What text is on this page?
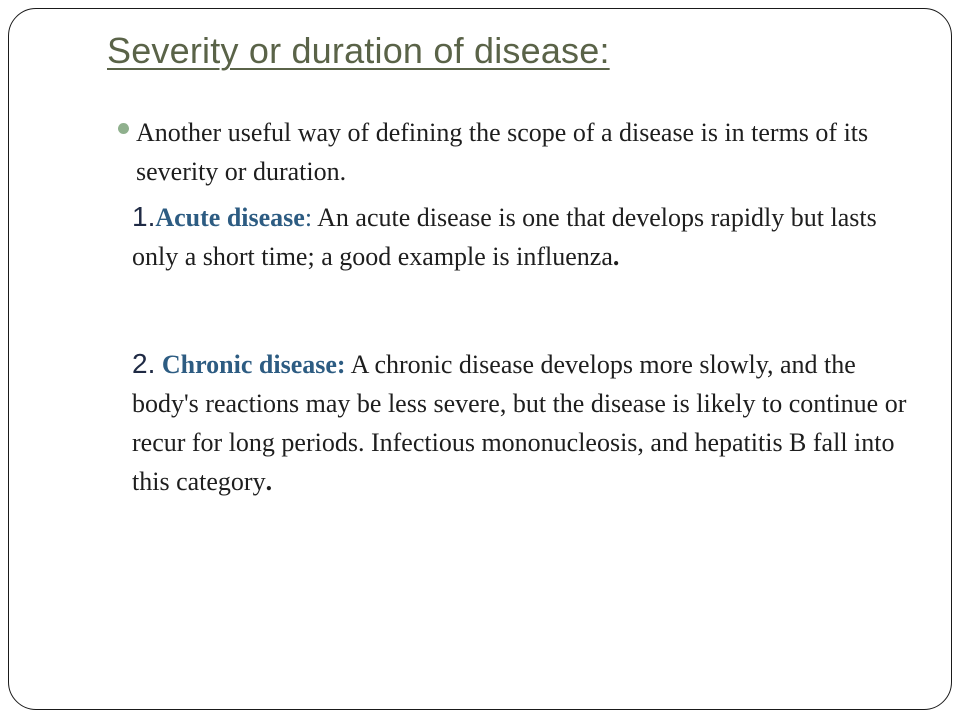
Severity or duration of disease:
Another useful way of defining the scope of a disease is in terms of its severity or duration.
1.Acute disease: An acute disease is one that develops rapidly but lasts only a short time; a good example is influenza.
2. Chronic disease: A chronic disease develops more slowly, and the body's reactions may be less severe, but the disease is likely to continue or recur for long periods. Infectious mononucleosis, and hepatitis B fall into this category.
